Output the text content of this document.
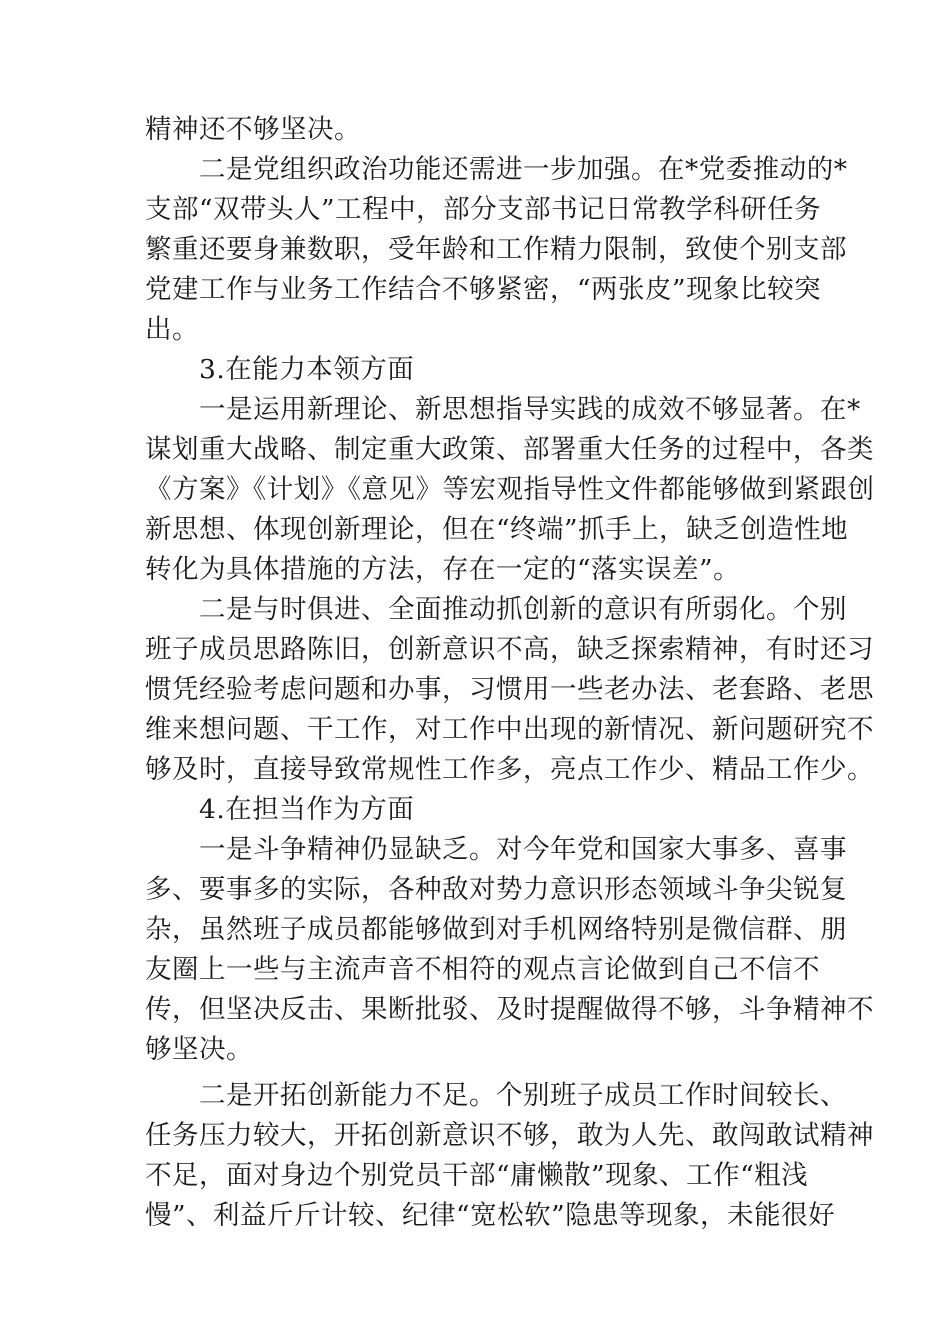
精神还不够坚决。
二是党组织政治功能还需进一步加强。在*党委推动的*
支部“双带头人”工程中，部分支部书记日常教学科研任务
繁重还要身兼数职，受年龄和工作精力限制，致使个别支部
党建工作与业务工作结合不够紧密，“两张皮”现象比较突
出。
3.在能力本领方面
一是运用新理论、新思想指导实践的成效不够显著。在*
谋划重大战略、制定重大政策、部署重大任务的过程中，各类
《方案》《计划》《意见》等宏观指导性文件都能够做到紧跟创
新思想、体现创新理论，但在“终端”抓手上，缺乏创造性地
转化为具体措施的方法，存在一定的“落实误差”。
二是与时俱进、全面推动抓创新的意识有所弱化。个别
班子成员思路陈旧，创新意识不高，缺乏探索精神，有时还习
惯凭经验考虑问题和办事，习惯用一些老办法、老套路、老思
维来想问题、干工作，对工作中出现的新情况、新问题研究不
够及时，直接导致常规性工作多，亮点工作少、精品工作少。
4.在担当作为方面
一是斗争精神仍显缺乏。对今年党和国家大事多、喜事
多、要事多的实际，各种敌对势力意识形态领域斗争尖锐复
杂，虽然班子成员都能够做到对手机网络特别是微信群、朋
友圈上一些与主流声音不相符的观点言论做到自己不信不
传，但坚决反击、果断批驳、及时提醒做得不够，斗争精神不
够坚决。
二是开拓创新能力不足。个别班子成员工作时间较长、
任务压力较大，开拓创新意识不够，敢为人先、敢闯敢试精神
不足，面对身边个别党员干部“庸懒散”现象、工作“粗浅
慢”、利益斤斤计较、纪律“宽松软”隐患等现象，未能很好
